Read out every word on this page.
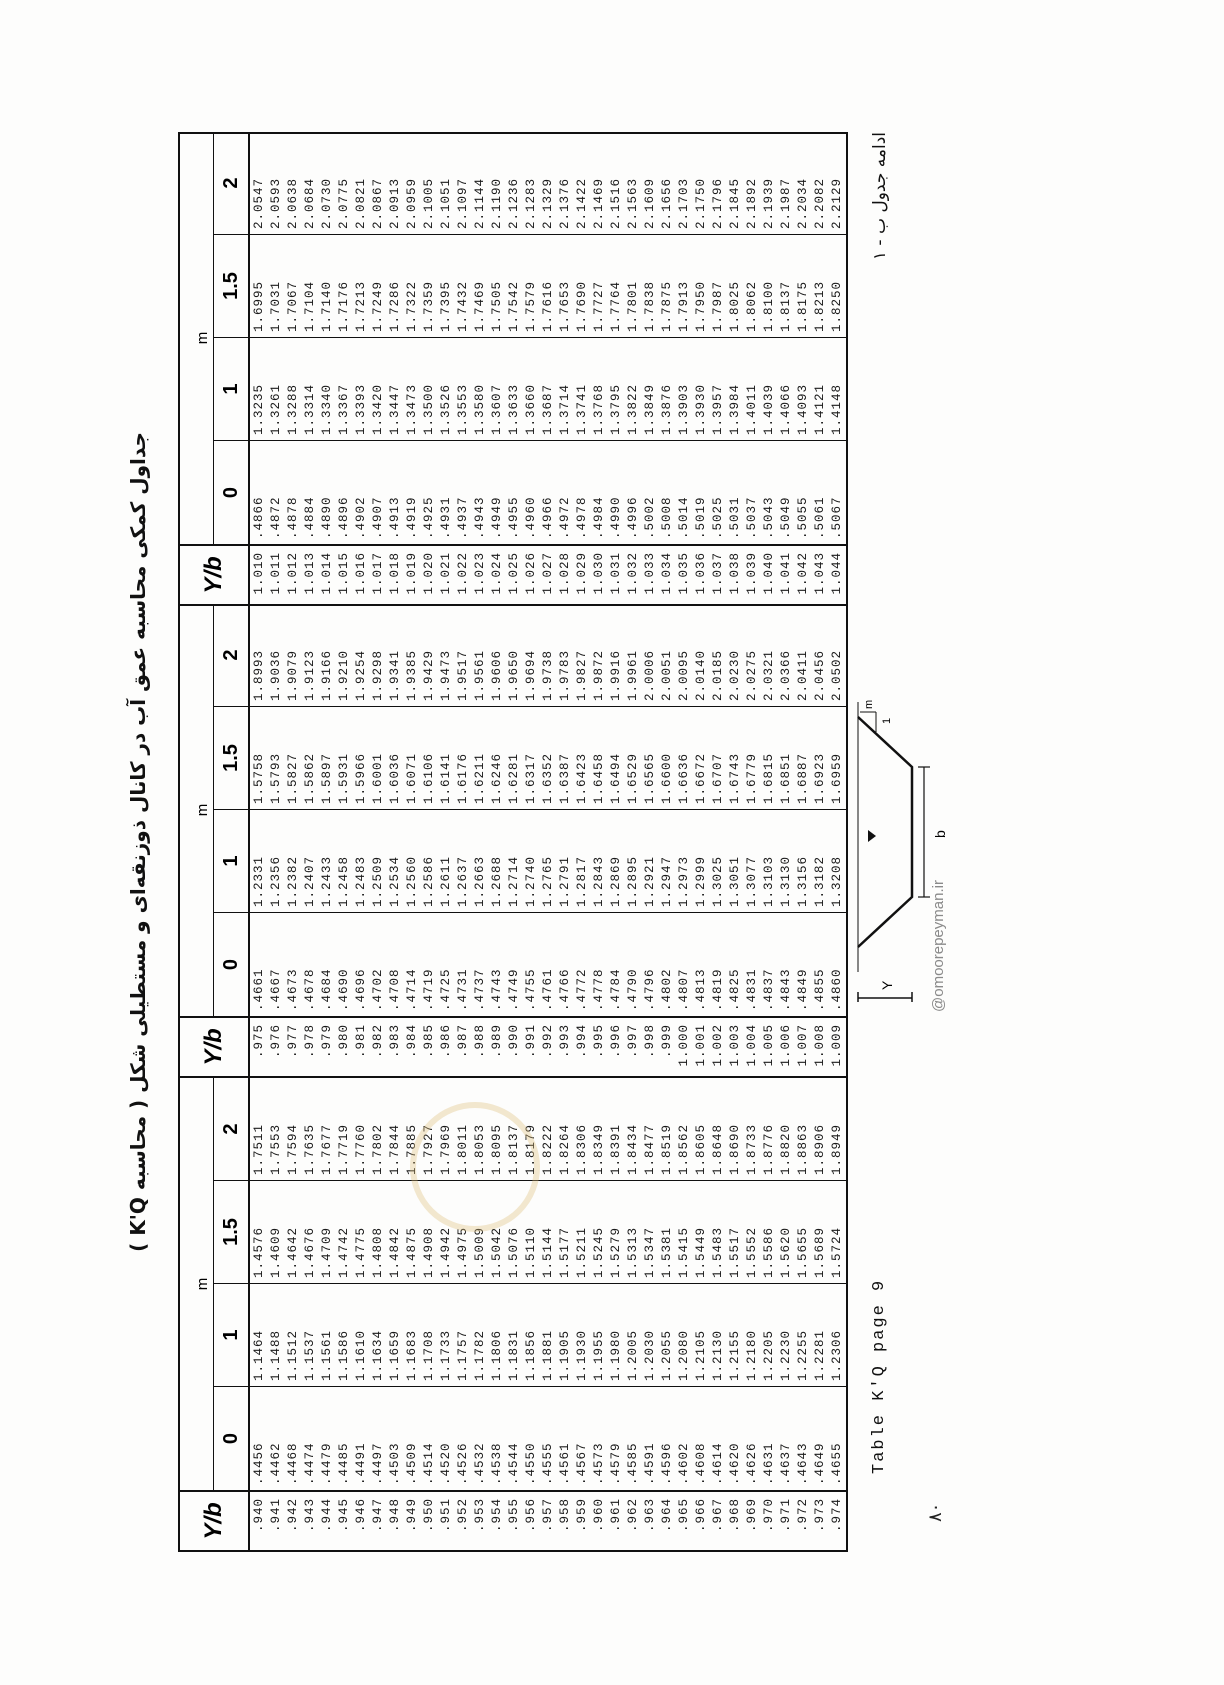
جداول کمکی محاسبه عمق آب در کانال ذوزنقه‌ای و مستطیلی شکل ( محاسبه K'Q )
Y/b
m
0
1
1.5
2
.940
.4456
1.1464
1.4576
1.7511
.941
.4462
1.1488
1.4609
1.7553
.942
.4468
1.1512
1.4642
1.7594
.943
.4474
1.1537
1.4676
1.7635
.944
.4479
1.1561
1.4709
1.7677
.945
.4485
1.1586
1.4742
1.7719
.946
.4491
1.1610
1.4775
1.7760
.947
.4497
1.1634
1.4808
1.7802
.948
.4503
1.1659
1.4842
1.7844
.949
.4509
1.1683
1.4875
1.7885
.950
.4514
1.1708
1.4908
1.7927
.951
.4520
1.1733
1.4942
1.7969
.952
.4526
1.1757
1.4975
1.8011
.953
.4532
1.1782
1.5009
1.8053
.954
.4538
1.1806
1.5042
1.8095
.955
.4544
1.1831
1.5076
1.8137
.956
.4550
1.1856
1.5110
1.8179
.957
.4555
1.1881
1.5144
1.8222
.958
.4561
1.1905
1.5177
1.8264
.959
.4567
1.1930
1.5211
1.8306
.960
.4573
1.1955
1.5245
1.8349
.961
.4579
1.1980
1.5279
1.8391
.962
.4585
1.2005
1.5313
1.8434
.963
.4591
1.2030
1.5347
1.8477
.964
.4596
1.2055
1.5381
1.8519
.965
.4602
1.2080
1.5415
1.8562
.966
.4608
1.2105
1.5449
1.8605
.967
.4614
1.2130
1.5483
1.8648
.968
.4620
1.2155
1.5517
1.8690
.969
.4626
1.2180
1.5552
1.8733
.970
.4631
1.2205
1.5586
1.8776
.971
.4637
1.2230
1.5620
1.8820
.972
.4643
1.2255
1.5655
1.8863
.973
.4649
1.2281
1.5689
1.8906
.974
.4655
1.2306
1.5724
1.8949
Y/b
m
0
1
1.5
2
.975
.4661
1.2331
1.5758
1.8993
.976
.4667
1.2356
1.5793
1.9036
.977
.4673
1.2382
1.5827
1.9079
.978
.4678
1.2407
1.5862
1.9123
.979
.4684
1.2433
1.5897
1.9166
.980
.4690
1.2458
1.5931
1.9210
.981
.4696
1.2483
1.5966
1.9254
.982
.4702
1.2509
1.6001
1.9298
.983
.4708
1.2534
1.6036
1.9341
.984
.4714
1.2560
1.6071
1.9385
.985
.4719
1.2586
1.6106
1.9429
.986
.4725
1.2611
1.6141
1.9473
.987
.4731
1.2637
1.6176
1.9517
.988
.4737
1.2663
1.6211
1.9561
.989
.4743
1.2688
1.6246
1.9606
.990
.4749
1.2714
1.6281
1.9650
.991
.4755
1.2740
1.6317
1.9694
.992
.4761
1.2765
1.6352
1.9738
.993
.4766
1.2791
1.6387
1.9783
.994
.4772
1.2817
1.6423
1.9827
.995
.4778
1.2843
1.6458
1.9872
.996
.4784
1.2869
1.6494
1.9916
.997
.4790
1.2895
1.6529
1.9961
.998
.4796
1.2921
1.6565
2.0006
.999
.4802
1.2947
1.6600
2.0051
1.000
.4807
1.2973
1.6636
2.0095
1.001
.4813
1.2999
1.6672
2.0140
1.002
.4819
1.3025
1.6707
2.0185
1.003
.4825
1.3051
1.6743
2.0230
1.004
.4831
1.3077
1.6779
2.0275
1.005
.4837
1.3103
1.6815
2.0321
1.006
.4843
1.3130
1.6851
2.0366
1.007
.4849
1.3156
1.6887
2.0411
1.008
.4855
1.3182
1.6923
2.0456
1.009
.4860
1.3208
1.6959
2.0502
Y/b
m
0
1
1.5
2
1.010
.4866
1.3235
1.6995
2.0547
1.011
.4872
1.3261
1.7031
2.0593
1.012
.4878
1.3288
1.7067
2.0638
1.013
.4884
1.3314
1.7104
2.0684
1.014
.4890
1.3340
1.7140
2.0730
1.015
.4896
1.3367
1.7176
2.0775
1.016
.4902
1.3393
1.7213
2.0821
1.017
.4907
1.3420
1.7249
2.0867
1.018
.4913
1.3447
1.7286
2.0913
1.019
.4919
1.3473
1.7322
2.0959
1.020
.4925
1.3500
1.7359
2.1005
1.021
.4931
1.3526
1.7395
2.1051
1.022
.4937
1.3553
1.7432
2.1097
1.023
.4943
1.3580
1.7469
2.1144
1.024
.4949
1.3607
1.7505
2.1190
1.025
.4955
1.3633
1.7542
2.1236
1.026
.4960
1.3660
1.7579
2.1283
1.027
.4966
1.3687
1.7616
2.1329
1.028
.4972
1.3714
1.7653
2.1376
1.029
.4978
1.3741
1.7690
2.1422
1.030
.4984
1.3768
1.7727
2.1469
1.031
.4990
1.3795
1.7764
2.1516
1.032
.4996
1.3822
1.7801
2.1563
1.033
.5002
1.3849
1.7838
2.1609
1.034
.5008
1.3876
1.7875
2.1656
1.035
.5014
1.3903
1.7913
2.1703
1.036
.5019
1.3930
1.7950
2.1750
1.037
.5025
1.3957
1.7987
2.1796
1.038
.5031
1.3984
1.8025
2.1845
1.039
.5037
1.4011
1.8062
2.1892
1.040
.5043
1.4039
1.8100
2.1939
1.041
.5049
1.4066
1.8137
2.1987
1.042
.5055
1.4093
1.8175
2.2034
1.043
.5061
1.4121
1.8213
2.2082
1.044
.5067
1.4148
1.8250
2.2129
Table K'Q page 9
ادامه جدول ب - ۱
۸۰
@omoorepeyman.ir
Y
b
m
1
